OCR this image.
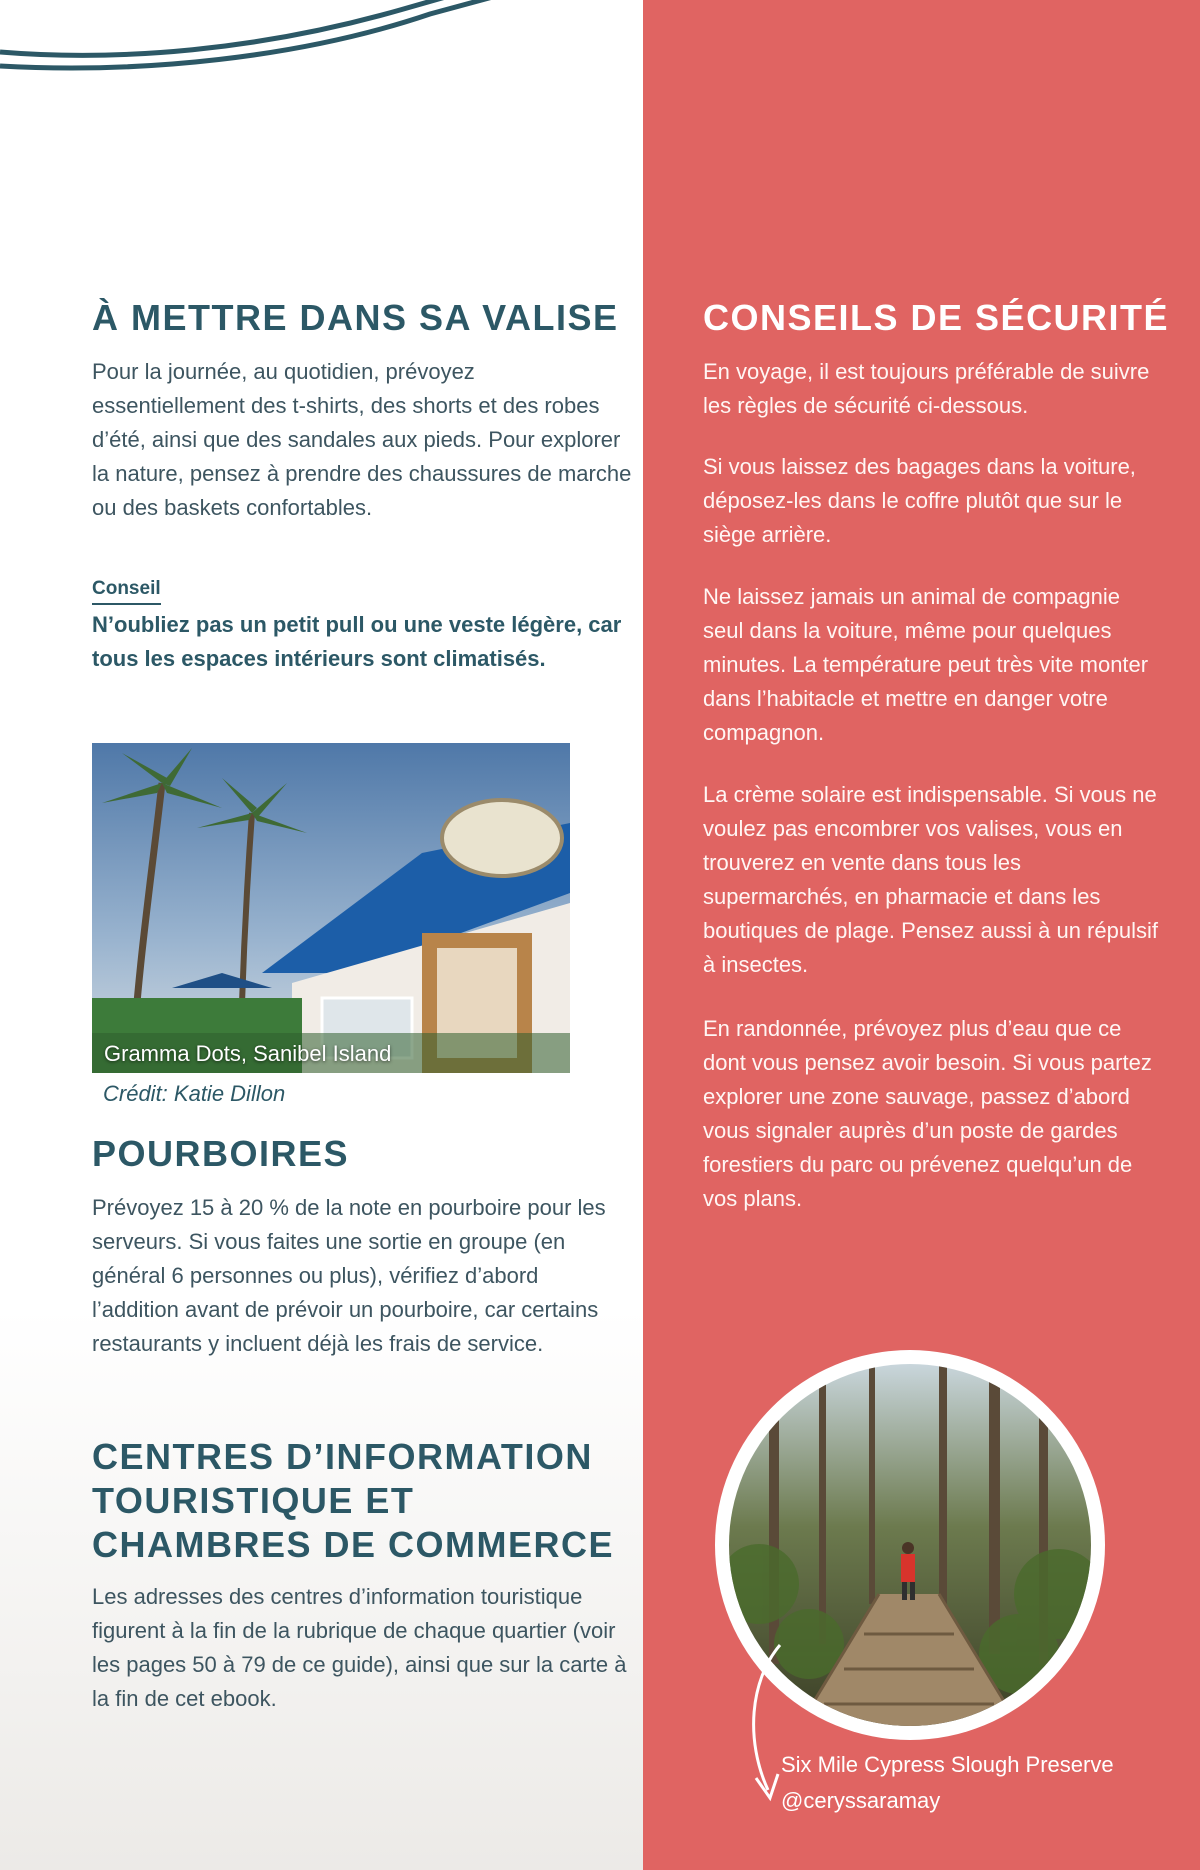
À METTRE DANS SA VALISE

Pour la journée, au quotidien, prévoyez essentiellement des t-shirts, des shorts et des robes d’été, ainsi que des sandales aux pieds. Pour explorer la nature, pensez à prendre des chaussures de marche ou des baskets confortables.

Conseil

N’oubliez pas un petit pull ou une veste légère, car tous les espaces intérieurs sont climatisés.

Gramma Dots, Sanibel Island
Crédit: Katie Dillon
POURBOIRES

Prévoyez 15 à 20 % de la note en pourboire pour les serveurs. Si vous faites une sortie en groupe (en général 6 personnes ou plus), vérifiez d’abord l’addition avant de prévoir un pourboire, car certains restaurants y incluent déjà les frais de service.

CENTRES D’INFORMATION TOURISTIQUE ET CHAMBRES DE COMMERCE

Les adresses des centres d’information touristique figurent à la fin de la rubrique de chaque quartier (voir les pages 50 à 79 de ce guide), ainsi que sur la carte à la fin de cet ebook.

CONSEILS DE SÉCURITÉ

En voyage, il est toujours préférable de suivre les règles de sécurité ci-dessous.

Si vous laissez des bagages dans la voiture, déposez-les dans le coffre plutôt que sur le siège arrière.

Ne laissez jamais un animal de compagnie seul dans la voiture, même pour quelques minutes. La température peut très vite monter dans l’habitacle et mettre en danger votre compagnon.

La crème solaire est indispensable. Si vous ne voulez pas encombrer vos valises, vous en trouverez en vente dans tous les supermarchés, en pharmacie et dans les boutiques de plage. Pensez aussi à un répulsif à insectes.

En randonnée, prévoyez plus d’eau que ce dont vous pensez avoir besoin. Si vous partez explorer une zone sauvage, passez d’abord vous signaler auprès d’un poste de gardes forestiers du parc ou prévenez quelqu’un de vos plans.

Six Mile Cypress Slough Preserve
@ceryssaramay
